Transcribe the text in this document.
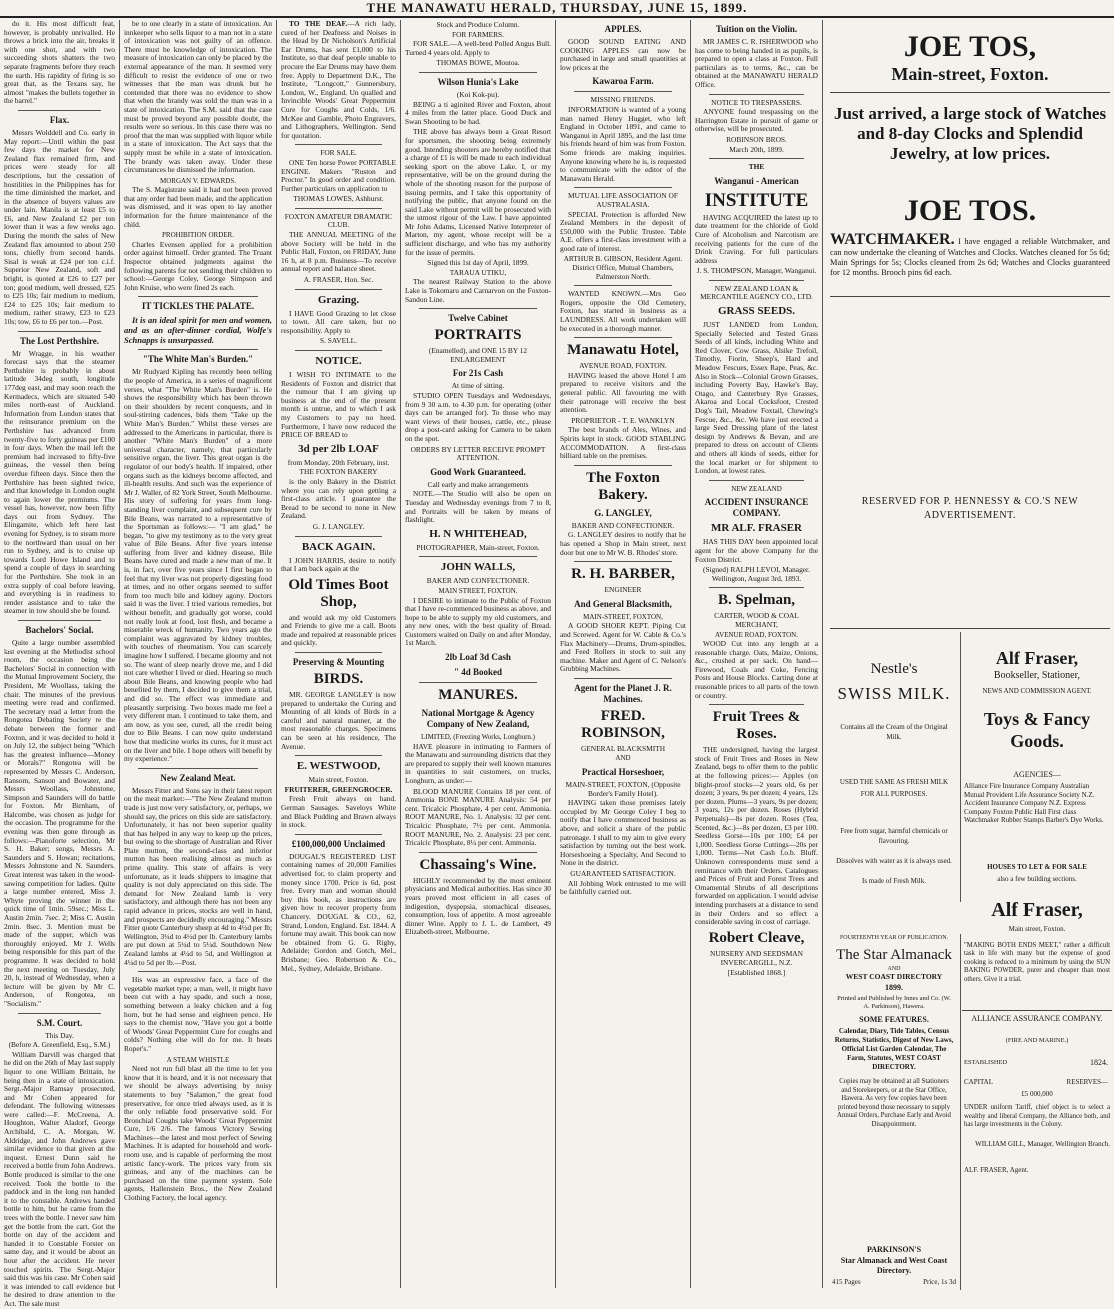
THE MANAWATU HERALD, THURSDAY, JUNE 15, 1899.

do it. His most difficult feat, however, is probably unrivalled. He throws a brick into the air, breaks it with one shot, and with two succeeding shots shatters the two separate fragments before they reach the earth. His rapidity of firing is so great that, as the Texans say, he almost "makes the bullets together in the barrel."

Flax.

Messrs Wolddell and Co. early in May report:—Until within the past few days the market for New Zealand flax remained firm, and prices were steady for all descriptions, but the cessation of hostilities in the Philippines has for the time diminished the market, and in the absence of buyers values are under lain. Manila is at least £5 to £6, and New Zealand £2 per ton lower than it was a few weeks ago. During the month the sales of New Zealand flax amounted to about 250 tons, chiefly from second hands. Sisal is weak at £24 per ton c.i.f. Superior New Zealand, soft and bright, is quoted at £26 to £27 per ton; good medium, well dressed, £25 to £25 10s; fair medium to medium, £24 to £25 10s; fair medium to medium, rather strawy, £23 to £23 10s; tow, £6 to £6 per ton.—Post.

The Lost Perthshire.

Mr Wragge, in his weather forecast says that the steamer Perthshire is probably in about latitude 34deg south, longitude 177deg east, and may soon reach the Kermadecs, which are situated 540 miles north-east of Auckland. Information from London states that the reinsurance premium on the Perthshire has advanced from twenty-five to forty guineas per £100 in four days. When the mail left the premium had increased to fifty-five guineas, the vessel then being overdue fifteen days. Since then the Perthshire has been sighted twice, and that knowledge in London ought to again lower the premiums. The vessel has, however, now been fifty days out from Sydney. The Elingamite, which left here last evening for Sydney, is to steam more to the northward than usual on her run to Sydney, and is to cruise up towards Lord Howe Island and to spend a couple of days in searching for the Perthshire. She took in an extra supply of coal before leaving, and everything is in readiness to render assistance and to take the steamer in tow should she be found.

Bachelors' Social.

Quite a large number assembled last evening at the Methodist school room, the occasion being the Bachelors' Social in connection with the Mutual Improvement Society, the President, Mr Woollass, taking the chair. The minutes of the previous meeting were read and confirmed. The secretary read a letter from the Rongotea Debating Society re the debate between the former and Foxton, and it was decided to hold it on July 12, the subject being "Which has the greatest influence—Money or Morals?" Rongotea will be represented by Messrs C. Anderson, Ransom, Sanson and Bowater, and Messrs Woollass, Johnstone, Simpson and Saunders will do battle for Foxton. Mr Birnham, of Halcombe, was chosen as judge for the occasion. The programme for the evening was then gone through as follows:—Pianoforte selection, Mr S. H. Baker; songs, Messrs A. Saunders and S. Howan; recitations, Messrs Johnstone and N. Saunders. Great interest was taken in the wood-sawing competition for ladies. Quite a large number entered, Miss J. Whyte proving the winner in the quick time of 1min. 59sec.; Miss L. Austin 2min. 7sec. 2; Miss C. Austin 2min. 8sec. 3. Mention must be made of the supper, which was thoroughly enjoyed. Mr J. Wells being responsible for this part of the programme. It was decided to hold the next meeting on Tuesday, July 20, h, instead of Wednesday, when a lecture will be given by Mr C. Anderson, of Rongotea, on "Socialism."

S.M. Court.
This Day.
(Before A. Greenfield, Esq., S.M.)

William Darvill was charged that he did on the 26th of May last supply liquor to one William Brittain, he being then in a state of intoxication. Sergt.-Major Ramsay prosecuted, and Mr Cohen appeared for defendant. The following witnesses were called:—F. McCreena, A. Houghton, Walter Aladorf, George Archibald, C. A. Morgan, W. Aldridge, and John Andrews gave similar evidence to that given at the inquest. Ernest Dunn said he received a bottle from John Andrews. Bottle produced is similar to the one received. Took the bottle to the paddock and in the long run handed it to the constable. Andrews handed bottle to him, but he came from the trees with the bottle. I never saw him get the bottle from the cart. Got the bottle on day of the accident and handed it to Constable Forster on same day, and it would be about an hour after the accident. He never touched spirits. The Sergt.-Major said this was his case. Mr Cohen said it was intended to call evidence but he desired to draw attention to the Act. The sale must

be to one clearly in a state of intoxication. An innkeeper who sells liquor to a man not in a state of intoxication was not guilty of an offence. There must be knowledge of intoxication. The measure of intoxication can only be placed by the external appearance of the man. It seemed very difficult to resist the evidence of one or two witnesses that the man was drunk but he contended that there was no evidence to show that when the brandy was sold the man was in a state of intoxication. The S.M. said that the case must be proved beyond any possible doubt, the results were so serious. In this case there was no proof that the man was supplied with liquor while in a state of intoxication. The Act says that the supply must be while in a state of intoxication. The brandy was taken away. Under these circumstances he dismissed the information.

MORGAN V. EDWARDS.

The S. Magistrate said it had not been proved that any order had been made, and the application was dismissed, and it was open to lay another information for the future maintenance of the child.

PROHIBITION ORDER.

Charles Evensen applied for a prohibition order against himself. Order granted. The Truant Inspector obtained judgments against the following parents for not sending their children to school:—George Coley, George Simpson and John Kruise, who were fined 2s each.

IT TICKLES THE PALATE.

It is an ideal spirit for men and women, and as an after-dinner cordial, Wolfe's Schnapps is unsurpassed.

"The White Man's Burden."

Mr Rudyard Kipling has recently been telling the people of America, in a series of magnificent verses, what "The White Man's Burden" is. He shows the responsibility which has been thrown on their shoulders by recent conquests, and in soul-stirring cadences, bids them "Take up the White Man's Burden." Whilst these verses are addressed to the Americans in particular, there is another "White Man's Burden" of a more universal character, namely, that particularly sensitive organ, the liver. This great organ is the regulator of our body's health. If impaired, other organs such as the kidneys become affected, and ill-health results. And such was the experience of Mr J. Waller, of 82 York Street, South Melbourne. His story of suffering for years from long-standing liver complaint, and subsequent cure by Bile Beans, was narrated to a representative of the Sportsman as follows:— "I am glad," he began, "to give my testimony as to the very great value of Bile Beans. After five years intense suffering from liver and kidney disease, Bile Beans have cured and made a new man of me. It is, in fact, over five years since I first began to feel that my liver was not properly digesting food at times, and no other organs seemed to suffer from too much bile and kidney agony. Doctors said it was the liver. I tried various remedies, but without benefit, and gradually got worse, could not really look at food, lost flesh, and became a miserable wreck of humanity. Two years ago the complaint was aggravated by kidney troubles, with touches of rheumatism. You can scarcely imagine how I suffered. I became gloomy and not so. The want of sleep nearly drove me, and I did not care whether I lived or died. Hearing so much about Bile Beans, and knowing people who had benefited by them, I decided to give them a trial, and did so. The effect was immediate and pleasantly surprising. Two boxes made me feel a very different man. I continued to take them, and am now, as you see, cured, all the credit being due to Bile Beans. I can now quite understand how that medicine works its cures, for it must act on the liver and bile. I hope others will benefit by my experience."

New Zealand Meat.

Messrs Fitter and Sons say in their latest report on the meat market:—"The New Zealand mutton trade is just now very satisfactory, or, perhaps, we should say, the prices on this side are satisfactory. Unfortunately, it has not been superior quality that has helped in any way to keep up the prices, but owing to the shortage of Australian and River Plate mutton, the second-class and inferior mutton has been realising almost as much as prime quality. This state of affairs is very unfortunate, as it leads shippers to imagine that quality is not duly appreciated on this side. The demand for New Zealand lamb is very satisfactory, and although there has not been any rapid advance in prices, stocks are well in hand, and prospects are decidedly encouraging." Messrs Fitter quote Canterbury sheep at 4d to 4½d per lb; Wellington, 3¼d to 4½d per lb. Canterbury lambs are put down at 5¼d to 5¼d. Southdown New Zealand lambs at 4¼d to 5d, and Wellington at 4¼d to 5d per lb.—Post.

His was an expressive face, a face of the vegetable market type; a man, well, it might have been cut with a hay spade, and such a nose, something between a leaky chicken and a fog horn, but he had sense and eighteen pence. He says to the chemist now, "Have you got a bottle of Woods' Great Peppermint Cure for coughs and colds? Nothing else will do for me. It beats Roper's."

A STEAM WHISTLE

Need not run full blast all the time to let you know that it is heard, and it is not necessary that we should be always advertising by noisy statements to buy "Salamon," the great food preservative, for once tried always used, as it is the only reliable food preservative sold. For Bronchial Coughs take Woods' Great Peppermint Cure, 1/6 2/6. The famous Victory Sewing Machines—the latest and most perfect of Sewing Machines. It is adapted for household and work-room use, and is capable of performing the most artistic fancy-work. The prices vary from six guineas, and any of the machines can be purchased on the time payment system. Sole agents, Hallenstein Bros., the New Zealand Clothing Factory, the local agency.

TO THE DEAF.—A rich lady, cured of her Deafness and Noises in the Head by Dr Nicholson's Artificial Ear Drums, has sent £1,000 to his Institute, so that deaf people unable to procure the Ear Drums may have them free. Apply to Department D.K., The Institute, "Longcott," Gunnersbury, London, W., England. Un qualled and Invincible Woods' Great Peppermint Cure for Coughs and Colds, 1/6. McKee and Gamble, Photo Engravers, and Lithographers, Wellington. Send for quotation.

FOR SALE.

ONE Ten horse Power PORTABLE ENGINE. Makers "Ruston and Proctor." In good order and condition. Further particulars on application to

THOMAS LOWES, Ashhurst.
FOXTON AMATEUR DRAMATIC CLUB.

THE ANNUAL MEETING of the above Society will be held in the Public Hall, Foxton, on FRIDAY, June 16 h, at 8 p.m. Business—To receive annual report and balance sheet.

A. FRASER, Hon. Sec.
Grazing.

I HAVE Good Grazing to let close to town. All care taken, but no responsibility. Apply to

S. SAVELL.
NOTICE.

I WISH TO INTIMATE to the Residents of Foxton and district that the rumour that I am giving up business at the end of the present month is untrue, and to which I ask my Customers to pay no heed. Furthermore, I have now reduced the PRICE OF BREAD to

3d per 2lb LOAF
from Monday, 20th February, inst.
THE FOXTON BAKERY

is the only Bakery in the District where you can rely upon getting a first-class article. I guarantee the Bread to be second to none in New Zealand.

G. J. LANGLEY.
BACK AGAIN.

I JOHN HARRIS, desire to notify that I am back again at the

Old Times Boot Shop,

and would ask my old Customers and Friends to give me a call. Boots made and repaired at reasonable prices and quickly.

Preserving & Mounting
BIRDS.

MR. GEORGE LANGLEY is now prepared to undertake the Curing and Mounting of all kinds of Birds in a careful and natural manner, at the most reasonable charges. Specimens can be seen at his residence, The Avenue.

E. WESTWOOD,
Main street, Foxton.
FRUITERER, GREENGROCER.

Fresh Fruit always on hand. German Sausages. Saveloys White and Black Pudding and Brawn always in stock.

£100,000,000 Unclaimed

DOUGAL'S REGISTERED LIST containing names of 20,000 Families advertised for, to claim property and money since 1700. Price is 6d, post free. Every man and woman should buy this book, as instructions are given how to recover property from Chancery. DOUGAL & CO., 62, Strand, London, England. Est. 1844. A fortune may await. This book can now be obtained from G. G. Righy, Adelaide; Gordon and Gotch, Mel., Brisbane; Geo. Robertson & Co., Mel., Sydney, Adelaide, Brisbane.

Stock and Produce Column.
FOR FARMERS.

FOR SALE.—A well-bred Polled Angus Bull. Turned 4 years old. Apply to

THOMAS BOWE, Moutoa.
Wilson Hunia's Lake
(Koi Kok-pu).

BEING a ti aginited River and Foxton, about 4 miles from the latter place. Good Duck and Swan Shooting to be had.

THE above has always been a Great Resort for sportsmen, the shooting being extremely good. Intending shooters are hereby notified that a charge of £1 is will be made to each individual seeking sport on the above Lake. I, or my representative, will be on the ground during the whole of the shooting reason for the purpose of issuing permits, and I take this opportunity of notifying the public, that anyone found on the said Lake without permit will be prosecuted with the utmost rigour of the Law. I have appointed Mr John Adams, Licensed Native Interpreter of Marton, my agent, whose receipt will be a sufficient discharge, and who has my authority for the issue of permits.

Signed this 1st day of April, 1899.
TARAUA UTIKU,

The nearest Railway Station to the above Lake is Tokomaru and Carnarvon on the Foxton-Sandon Line.

Twelve Cabinet
PORTRAITS
(Enamelled), and ONE 15 BY 12 ENLARGEMENT
For 21s Cash
At time of sitting.

STUDIO OPEN Tuesdays and Wednesdays, from 9 30 a.m. to 4.30 p.m. for operating (other days can be arranged for). To those who may want views of their houses, cattle, etc., please drop a post-card asking for Camera to be taken on the spot.

ORDERS BY LETTER RECEIVE PROMPT ATTENTION.
Good Work Guaranteed.
Call early and make arrangements

NOTE.—The Studio will also be open on Tuesday and Wednesday evenings from 7 to 8, and Portraits will be taken by means of flashlight.

H. N WHITEHEAD,
PHOTOGRAPHER, Main-street, Foxton.
JOHN WALLS,
BAKER AND CONFECTIONER.
MAIN STREET, FOXTON.

I DESIRE to intimate to the Public of Foxton that I have re-commenced business as above, and hope to be able to supply my old customers, and any new ones, with the best quality of Bread. Customers waited on Daily on and after Monday, 1st March.

2lb Loaf 3d Cash
" 4d Booked
MANURES.
National Mortgage & Agency Company of New Zealand,
LIMITED, (Freezing Works, Longburn.)

HAVE pleasure in intimating to Farmers of the Manawatu and surrounding districts that they are prepared to supply their well known manures in quantities to suit customers, on trucks, Longburn, as under:—

BLOOD MANURE Contains 18 per cent. of Ammonia BONE MANURE Analysis: 54 per cent. Tricalcic Phosphate, 4 per cent. Ammonia. ROOT MANURE, No. 1. Analysis: 32 per cent. Tricalcic Phosphate, 7½ per cent. Ammonia. ROOT MANURE, No. 2. Analysis: 23 per cent. Tricalcic Phosphate, 8¼ per cent. Ammonia.

Chassaing's Wine.

HIGHLY recommended by the most eminent physicians and Medical authorities. Has since 30 years proved most efficient in all cases of indigestion, dyspepsia, stomachical diseases, consumption, loss of appetite. A most agreeable dinner Wine. Apply to J. L. de Lambert, 49 Elizabeth-street, Melbourne.

APPLES.

GOOD SOUND EATING AND COOKING APPLES can now be purchased in large and small quantities at low prices at the

Kawaroa Farm.
MISSING FRIENDS.

INFORMATION is wanted of a young man named Henry Hugget, who left England in October 1891, and came to Wanganui in April 1895, and the last time his friends heard of him was from Foxton. Some friends are making inquiries. Anyone knowing where he is, is requested to communicate with the editor of the Manawatu Herald.

MUTUAL LIFE ASSOCIATION OF AUSTRALASIA.

SPECIAL Protection is afforded New Zealand Members in the deposit of £50,000 with the Public Trustee. Table A.E. offers a first-class investment with a good rate of interest.

ARTHUR B. GIBSON, Resident Agent. District Office, Mutual Chambers, Palmerston North.

WANTED KNOWN.—Mrs Geo Rogers, opposite the Old Cemetery, Foxton, has started in business as a LAUNDRESS. All work undertaken will be executed in a thorough manner.

Manawatu Hotel,
AVENUE ROAD, FOXTON.

HAVING leased the above Hotel I am prepared to receive visitors and the general public. All favouring me with their patronage will receive the best attention.

PROPRIETOR - T. E. WANKLYN

The best brands of Ales, Wines, and Spirits kept in stock. GOOD STABLING ACCOMMODATION. A first-class billiard table on the premises.

The Foxton Bakery.
G. LANGLEY,
BAKER AND CONFECTIONER.

G. LANGLEY desires to notify that he has opened a Shop in Main street, next door but one to Mr W. B. Rhodes' store.

R. H. BARBER,
ENGINEER
And General Blacksmith,
MAIN-STREET, FOXTON,

A GOOD SHOER KEPT. Piping Cut and Screwed. Agent for W. Cable & Co.'s Flax Machinery—Drums, Drum-spindles, and Feed Rollers in stock to suit any machine. Maker and Agent of C. Nelson's Grubbing Machines.

Agent for the Planet J. R. Machines.
FRED. ROBINSON,
GENERAL BLACKSMITH
AND
Practical Horseshoer,
MAIN-STREET, FOXTON, (Opposite Border's Family Hotel).

HAVING taken those premises lately occupied by Mr George Coley I beg to notify that I have commenced business as above, and solicit a share of the public patronage. I shall to my aim to give every satisfaction by turning out the best work. Horseshoeing a Specialty, And Second to None in the district.

GUARANTEED SATISFACTION.

All Jobbing Work entrusted to me will be faithfully carried out.

Tuition on the Violin.

MR JAMES C. R. ISHERWOOD who has come to being handed in as pupils, is prepared to open a class at Foxton. Full particulars as to terms, &c., can be obtained at the MANAWATU HERALD Office.

NOTICE TO TRESPASSERS.

ANYONE found trespassing on the Harrington Estate in pursuit of game or otherwise, will be prosecuted.

ROBINSON BROS.
March 20th, 1899.
THE
Wanganui - American
INSTITUTE

HAVING ACQUIRED the latest up to date treatment for the chloride of Gold Cure of Alcoholism and Narcotism are receiving patients for the cure of the Drink Craving. For full particulars address

J. S. THOMPSON, Manager, Wanganui.
NEW ZEALAND LOAN & MERCANTILE AGENCY CO., LTD.
GRASS SEEDS.

JUST LANDED from London, Specially Selected and Tested Grass Seeds of all kinds, including White and Red Clover, Cow Grass, Alsike Trefoil, Timothy, Fiorin, Sheep's, Hard and Meadow Fescues, Essex Rape, Peas, &c. Also in Stock—Colonial Grown Grasses, including Poverty Bay, Hawke's Bay, Otago, and Canterbury Rye Grasses, Akaroa and Local Cocksfoot, Crested Dog's Tail, Meadow Foxtail, Chewing's Fescue, &c., &c. We have just erected a large Seed Dressing plant of the latest design by Andrews & Bevan, and are prepared to dress on account of Clients and others all kinds of seeds, either for the local market or for shipment to London, at lowest rates.

NEW ZEALAND
ACCIDENT INSURANCE COMPANY.
MR ALF. FRASER

HAS THIS DAY been appointed local agent for the above Company for the Foxton District.

(Signed) RALPH LEVOI, Manager. Wellington, August 3rd, 1893.
B. Spelman,
CARTER, WOOD & COAL MERCHANT,
AVENUE ROAD, FOXTON.

WOOD Cut into any length at a reasonable charge. Oats, Maize, Onions, &c., crushed at per sack. On hand—Firewood, Coals and Coke, Fencing Posts and House Blocks. Carting done at reasonable prices to all parts of the town or country.

Fruit Trees & Roses.

THE undersigned, having the largest stock of Fruit Trees and Roses in New Zealand, begs to offer them to the public at the following prices:— Apples (on blight-proof stocks—2 years old, 6s per dozen; 3 years, 9s per dozen; 4 years, 12s per dozen. Plums—3 years, 9s per dozen; 3 years, 12s per dozen. Roses (Hybrid Perpetuals)—8s per dozen. Roses (Tea, Scented, &c.)—8s per dozen, £3 per 100. Seedless Gorse—10s per 100; £4 per 1,000. Seedless Gorse Cuttings—20s per 1,000. Terms—Net Cash f.o.b. Bluff. Unknown correspondents must send a remittance with their Orders. Catalogues and Prices of Fruit and Forest Trees and Ornamental Shrubs of all descriptions forwarded on application. I would advise intending purchasers at a distance to send in their Orders and so effect a considerable saving in cost of carriage.

Robert Cleave,
NURSERY AND SEEDSMAN
INVERCARGILL, N.Z.
[Established 1868.]
JOE TOS,
Main-street, Foxton.
Just arrived, a large stock of Watches and 8-day Clocks and Splendid Jewelry, at low prices.
JOE TOS.
WATCHMAKER. I have engaged a reliable Watchmaker, and can now undertake the cleaning of Watches and Clocks. Watches cleaned for 5s 6d; Main Springs for 5s; Clocks cleaned from 2s 6d; Watches and Clocks guaranteed for 12 months. Brooch pins 6d each.
RESERVED FOR P. HENNESSY & CO.'S NEW ADVERTISEMENT.
Nestle's
SWISS MILK.
Contains all the Cream of the Original Milk.
USED THE SAME AS FRESH MILK FOR ALL PURPOSES.
Free from sugar, harmful chemicals or flavouring.
Dissolves with water as it is always used.
Is made of Fresh Milk.
Alf Fraser,
Bookseller, Stationer,
NEWS AND COMMISSION AGENT.
Toys & Fancy Goods.
AGENCIES—
Alliance Fire Insurance Company Australian Mutual Provident Life Assurance Society N.Z. Accident Insurance Company N.Z. Express Company Foxton Public Hall First class Watchmaker Rubber Stamps Barber's Dye Works.
HOUSES TO LET & FOR SALE
also a few building sections.
Alf Fraser,
Main street, Foxton.
FOURTEENTH YEAR OF PUBLICATION.
The Star Almanack
AND
WEST COAST DIRECTORY
1899.
Printed and Published by Innes and Co. (W. A. Parkinson), Hawera.
SOME FEATURES.
Calendar, Diary, Tide Tables, Census Returns, Statistics, Digest of New Laws, Official List Garden Calendar, The Farm, Statutes, WEST COAST DIRECTORY.
Copies may be obtained at all Stationers and Storekeepers, or at the Star Office, Hawera. As very few copies have been printed beyond those necessary to supply Annual Orders, Purchase Early and Avoid Disappointment.
PARKINSON'S
Star Almanack and West Coast Directory.
415 Pages	Price, 1s 3d
"MAKING BOTH ENDS MEET," rather a difficult task in life with many but the expense of good cooking is reduced to a minimum by using the SUN BAKING POWDER, purer and cheaper than most others. Give it a trial.
ALLIANCE ASSURANCE COMPANY.
(FIRE AND MARINE.)
ESTABLISHED	1824.
CAPITAL	RESERVES—
£5 000,000
UNDER uniform Tariff, chief object is to select a wealthy and liberal Company, the Alliance both, and has large investments in the Colony.
WILLIAM GILL, Manager, Wellington Branch.
ALF. FRASER, Agent.
